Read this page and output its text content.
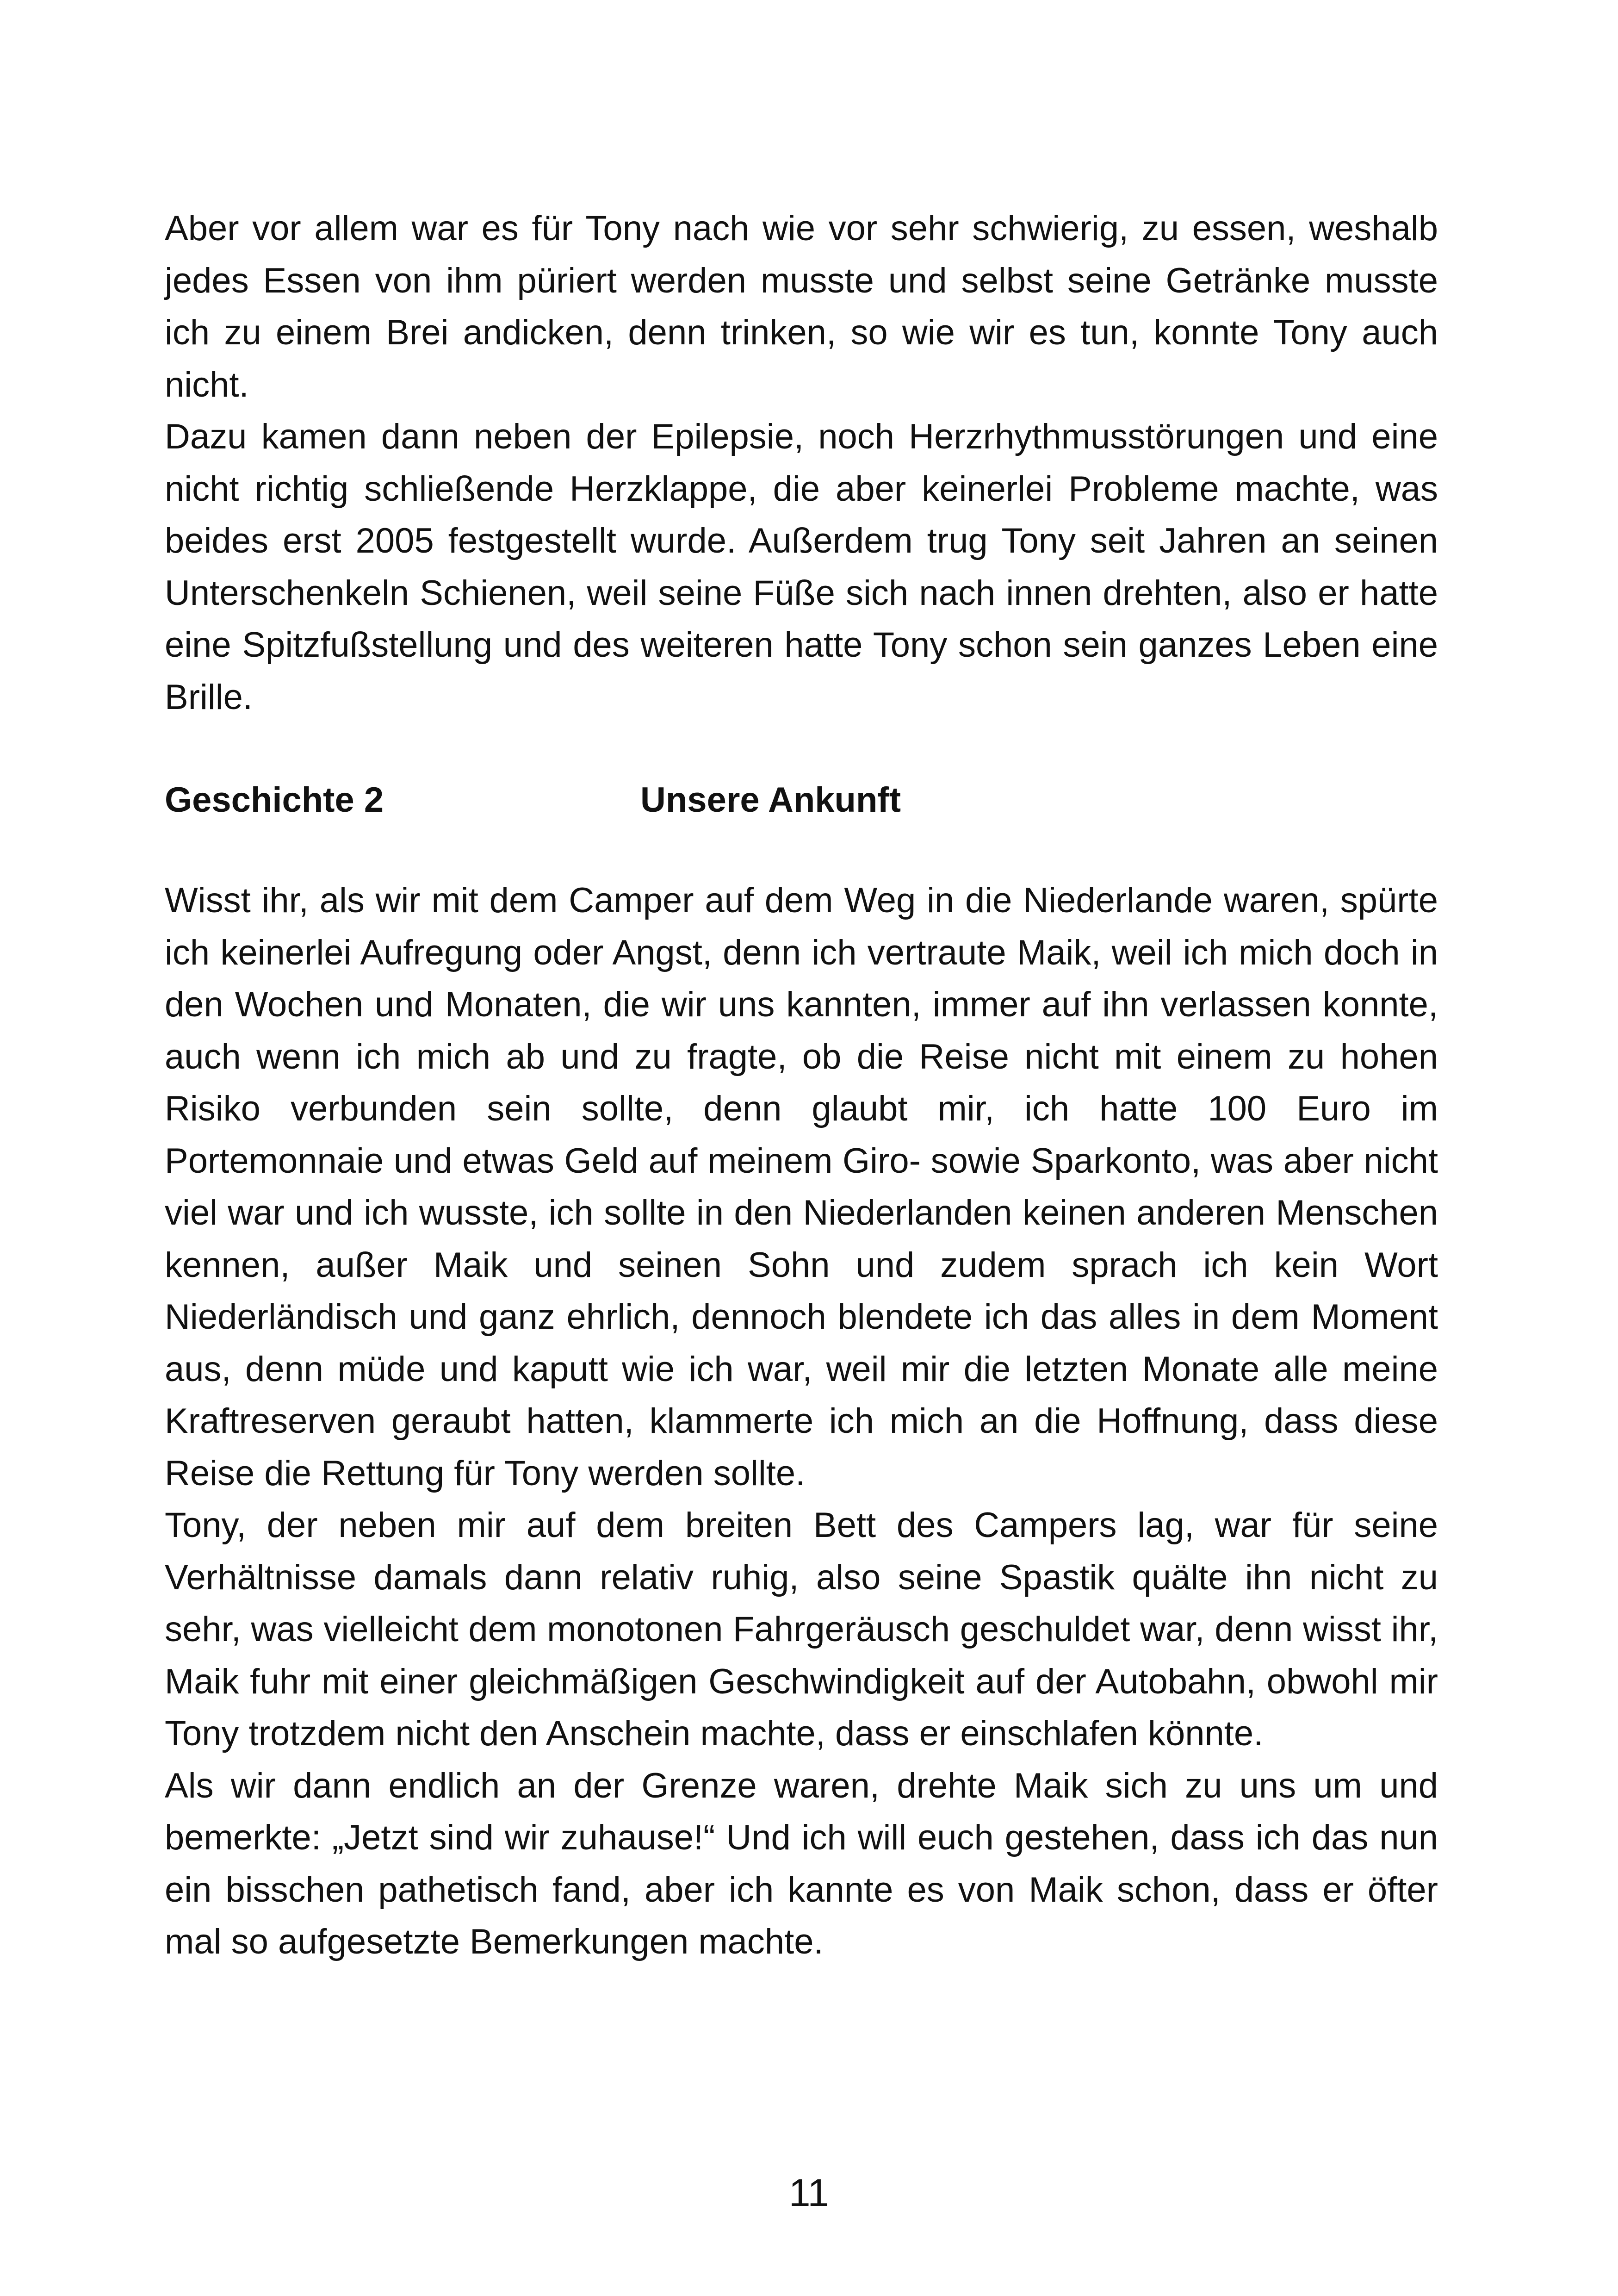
Aber vor allem war es für Tony nach wie vor sehr schwierig, zu essen, weshalb jedes Essen von ihm püriert werden musste und selbst seine Getränke musste ich zu einem Brei andicken, denn trinken, so wie wir es tun, konnte Tony auch nicht.

Dazu kamen dann neben der Epilepsie, noch Herzrhythmusstörungen und eine nicht richtig schließende Herzklappe, die aber keinerlei Probleme machte, was beides erst 2005 festgestellt wurde. Außerdem trug Tony seit Jahren an seinen Unterschenkeln Schienen, weil seine Füße sich nach innen drehten, also er hatte eine Spitzfußstellung und des weiteren hatte Tony schon sein ganzes Leben eine Brille.

Geschichte 2	Unsere Ankunft

Wisst ihr, als wir mit dem Camper auf dem Weg in die Niederlande waren, spürte ich keinerlei Aufregung oder Angst, denn ich vertraute Maik, weil ich mich doch in den Wochen und Monaten, die wir uns kannten, immer auf ihn verlassen konnte, auch wenn ich mich ab und zu fragte, ob die Reise nicht mit einem zu hohen Risiko verbunden sein sollte, denn glaubt mir, ich hatte 100 Euro im Portemonnaie und etwas Geld auf meinem Giro- sowie Sparkonto, was aber nicht viel war und ich wusste, ich sollte in den Niederlanden keinen anderen Menschen kennen, außer Maik und seinen Sohn und zudem sprach ich kein Wort Niederländisch und ganz ehrlich, dennoch blendete ich das alles in dem Moment aus, denn müde und kaputt wie ich war, weil mir die letzten Monate alle meine Kraftreserven geraubt hatten, klammerte ich mich an die Hoffnung, dass diese Reise die Rettung für Tony werden sollte.

Tony, der neben mir auf dem breiten Bett des Campers lag, war für seine Verhältnisse damals dann relativ ruhig, also seine Spastik quälte ihn nicht zu sehr, was vielleicht dem monotonen Fahrgeräusch geschuldet war, denn wisst ihr, Maik fuhr mit einer gleichmäßigen Geschwindigkeit auf der Autobahn, obwohl mir Tony trotzdem nicht den Anschein machte, dass er einschlafen könnte.

Als wir dann endlich an der Grenze waren, drehte Maik sich zu uns um und bemerkte: „Jetzt sind wir zuhause!“ Und ich will euch gestehen, dass ich das nun ein bisschen pathetisch fand, aber ich kannte es von Maik schon, dass er öfter mal so aufgesetzte Bemerkungen machte.

11
